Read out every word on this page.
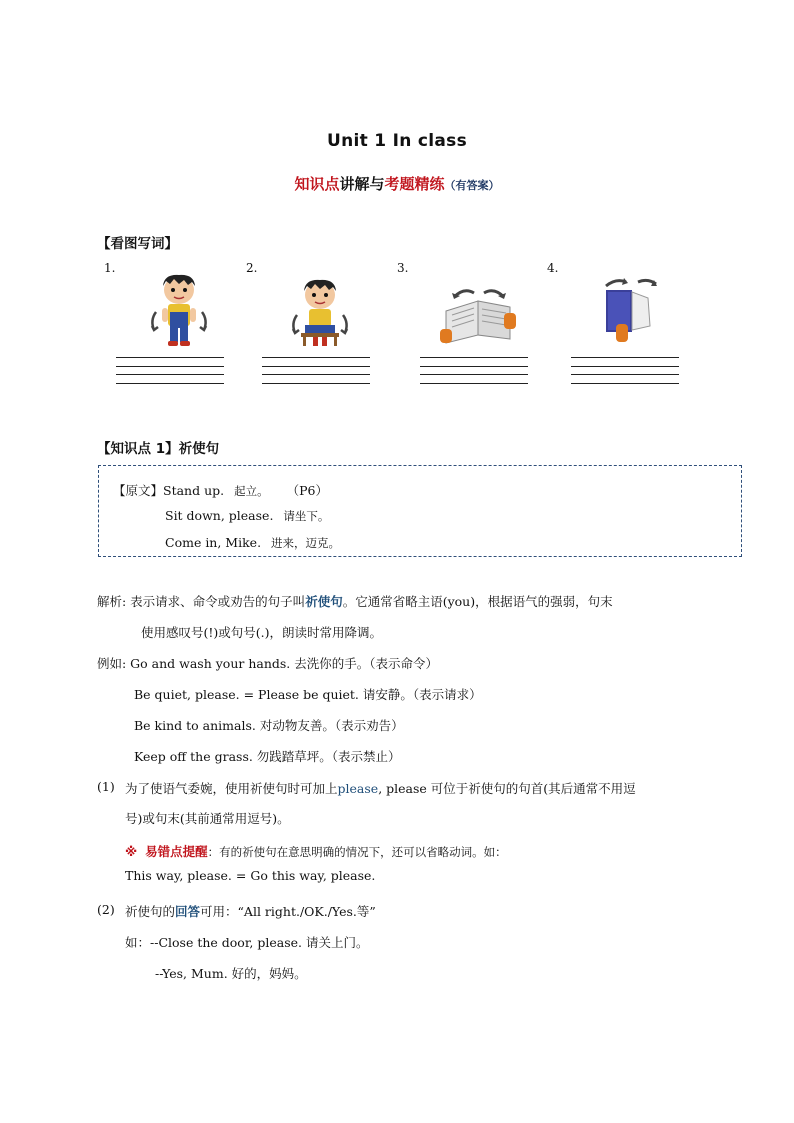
Unit 1 In class
知识点讲解与考题精练（有答案）
【看图写词】
1.	2.	3.	4.
【知识点 1】祈使句
【原文】Stand up. 起立。 （P6）
Sit down, please. 请坐下。
Come in, Mike. 进来，迈克。
解析: 表示请求、命令或劝告的句子叫祈使句。它通常省略主语(you)，根据语气的强弱，句末
使用感叹号(!)或句号(.)，朗读时常用降调。
例如: Go and wash your hands. 去洗你的手。（表示命令）
Be quiet, please. = Please be quiet. 请安静。（表示请求）
Be kind to animals. 对动物友善。（表示劝告）
Keep off the grass. 勿践踏草坪。（表示禁止）
(1) 为了使语气委婉，使用祈使句时可加上please, please 可位于祈使句的句首(其后通常不用逗
号)或句末(其前通常用逗号)。
※ 易错点提醒：有的祈使句在意思明确的情况下，还可以省略动词。如：
This way, please. = Go this way, please.
(2) 祈使句的回答可用：“All right./OK./Yes.等”
如：--Close the door, please. 请关上门。
--Yes, Mum. 好的，妈妈。
